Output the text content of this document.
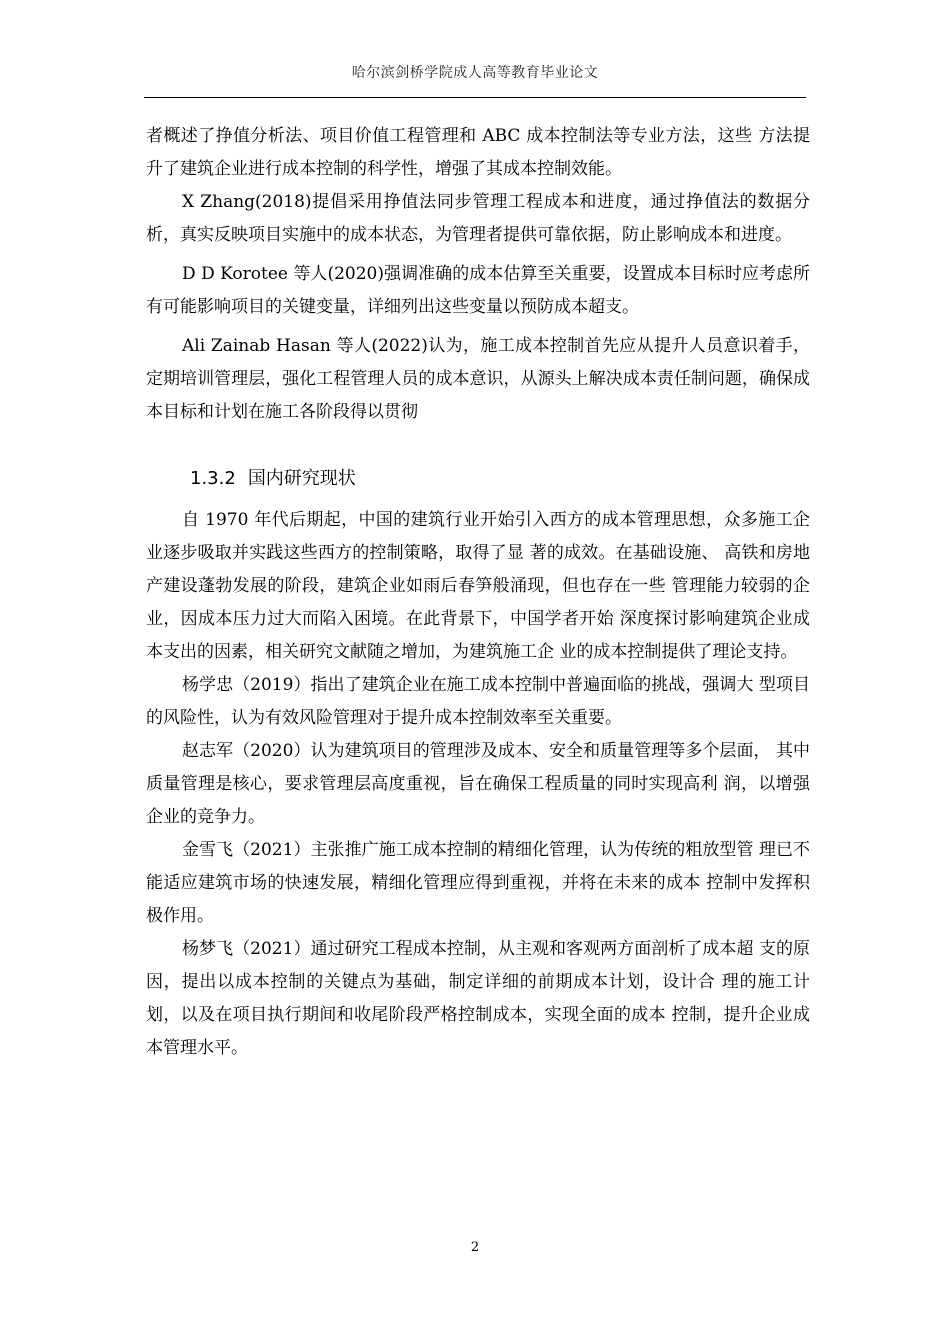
哈尔滨剑桥学院成人高等教育毕业论文

者概述了挣值分析法、项目价值工程管理和 ABC 成本控制法等专业方法，这些 方法提升了建筑企业进行成本控制的科学性，增强了其成本控制效能。

X Zhang(2018)提倡采用挣值法同步管理工程成本和进度，通过挣值法的数据分析，真实反映项目实施中的成本状态，为管理者提供可靠依据，防止影响成本和进度。

D D Korotee 等人(2020)强调准确的成本估算至关重要，设置成本目标时应考虑所有可能影响项目的关键变量，详细列出这些变量以预防成本超支。

Ali Zainab Hasan 等人(2022)认为，施工成本控制首先应从提升人员意识着手，定期培训管理层，强化工程管理人员的成本意识，从源头上解决成本责任制问题，确保成本目标和计划在施工各阶段得以贯彻

1.3.2 国内研究现状

自 1970 年代后期起，中国的建筑行业开始引入西方的成本管理思想，众多施工企业逐步吸取并实践这些西方的控制策略，取得了显 著的成效。在基础设施、 高铁和房地产建设蓬勃发展的阶段，建筑企业如雨后春笋般涌现，但也存在一些 管理能力较弱的企业，因成本压力过大而陷入困境。在此背景下，中国学者开始 深度探讨影响建筑企业成本支出的因素，相关研究文献随之增加，为建筑施工企 业的成本控制提供了理论支持。

杨学忠（2019）指出了建筑企业在施工成本控制中普遍面临的挑战，强调大 型项目的风险性，认为有效风险管理对于提升成本控制效率至关重要。

赵志军（2020）认为建筑项目的管理涉及成本、安全和质量管理等多个层面， 其中质量管理是核心，要求管理层高度重视，旨在确保工程质量的同时实现高利 润，以增强企业的竞争力。

金雪飞（2021）主张推广施工成本控制的精细化管理，认为传统的粗放型管 理已不能适应建筑市场的快速发展，精细化管理应得到重视，并将在未来的成本 控制中发挥积极作用。

杨梦飞（2021）通过研究工程成本控制，从主观和客观两方面剖析了成本超 支的原因，提出以成本控制的关键点为基础，制定详细的前期成本计划，设计合 理的施工计划，以及在项目执行期间和收尾阶段严格控制成本，实现全面的成本 控制，提升企业成本管理水平。

2
